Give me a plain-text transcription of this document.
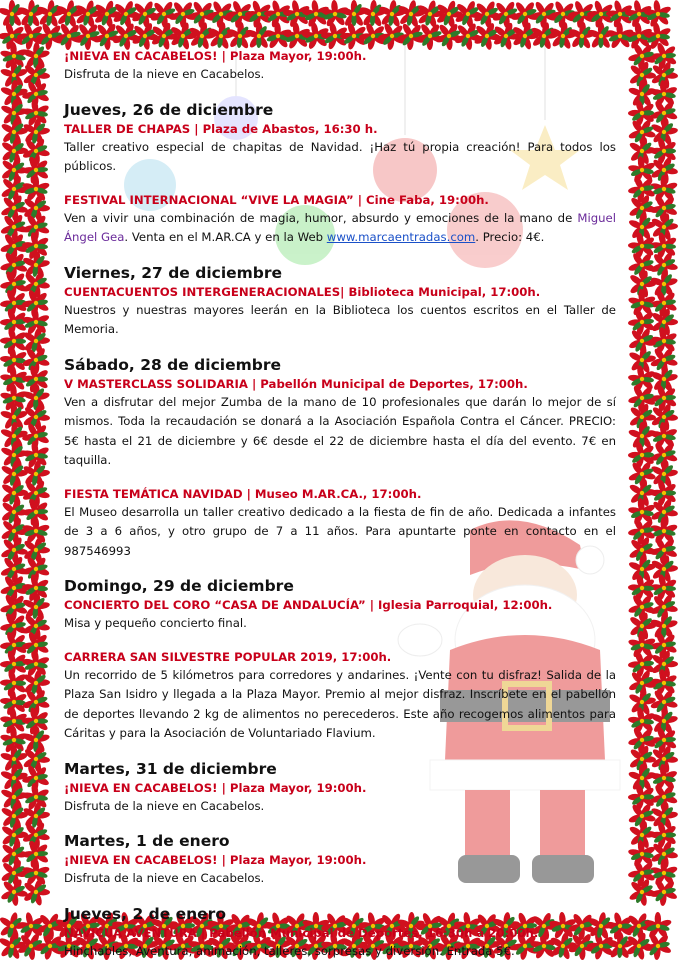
¡NIEVA EN CACABELOS! | Plaza Mayor, 19:00h.
Disfruta de la nieve en Cacabelos.
Jueves, 26 de diciembre
TALLER DE CHAPAS | Plaza de Abastos, 16:30 h.
Taller creativo especial de chapitas de Navidad. ¡Haz tú propia creación! Para todos los públicos.
FESTIVAL INTERNACIONAL “VIVE LA MAGIA” | Cine Faba, 19:00h.
Ven a vivir una combinación de magia, humor, absurdo y emociones de la mano de Miguel Ángel Gea. Venta en el M.AR.CA y en la Web www.marcaentradas.com. Precio: 4€.
Viernes, 27 de diciembre
CUENTACUENTOS INTERGENERACIONALES| Biblioteca Municipal, 17:00h.
Nuestros y nuestras mayores leerán en la Biblioteca los cuentos escritos en el Taller de Memoria.
Sábado, 28 de diciembre
V MASTERCLASS SOLIDARIA | Pabellón Municipal de Deportes, 17:00h.
Ven a disfrutar del mejor Zumba de la mano de 10 profesionales que darán lo mejor de sí mismos. Toda la recaudación se donará a la Asociación Española Contra el Cáncer. PRECIO: 5€ hasta el 21 de diciembre y 6€ desde el 22 de diciembre hasta el día del evento. 7€ en taquilla.
FIESTA TEMÁTICA NAVIDAD | Museo M.AR.CA., 17:00h.
El Museo desarrolla un taller creativo dedicado a la fiesta de fin de año. Dedicada a infantes de 3 a 6 años, y otro grupo de 7 a 11 años. Para apuntarte ponte en contacto en el 987546993
Domingo, 29 de diciembre
CONCIERTO DEL CORO “CASA DE ANDALUCÍA” | Iglesia Parroquial, 12:00h.
Misa y pequeño concierto final.
CARRERA SAN SILVESTRE POPULAR 2019, 17:00h.
Un recorrido de 5 kilómetros para corredores y andarines. ¡Vente con tu disfraz! Salida de la Plaza San Isidro y llegada a la Plaza Mayor. Premio al mejor disfraz. Inscríbete en el pabellón de deportes llevando 2 kg de alimentos no perecederos. Este año recogemos alimentos para Cáritas y para la Asociación de Voluntariado Flavium.
Martes, 31 de diciembre
¡NIEVA EN CACABELOS! | Plaza Mayor, 19:00h.
Disfruta de la nieve en Cacabelos.
Martes, 1 de enero
¡NIEVA EN CACABELOS! | Plaza Mayor, 19:00h.
Disfruta de la nieve en Cacabelos.
Jueves, 2 de enero
NAVICÚA AVENTURA | Pabellón Municipal de Deportes, 16:30h a 20:00h.
Hinchables, Aventura, animación, talleres, sorpresas y diversión. Entrada 5€.
